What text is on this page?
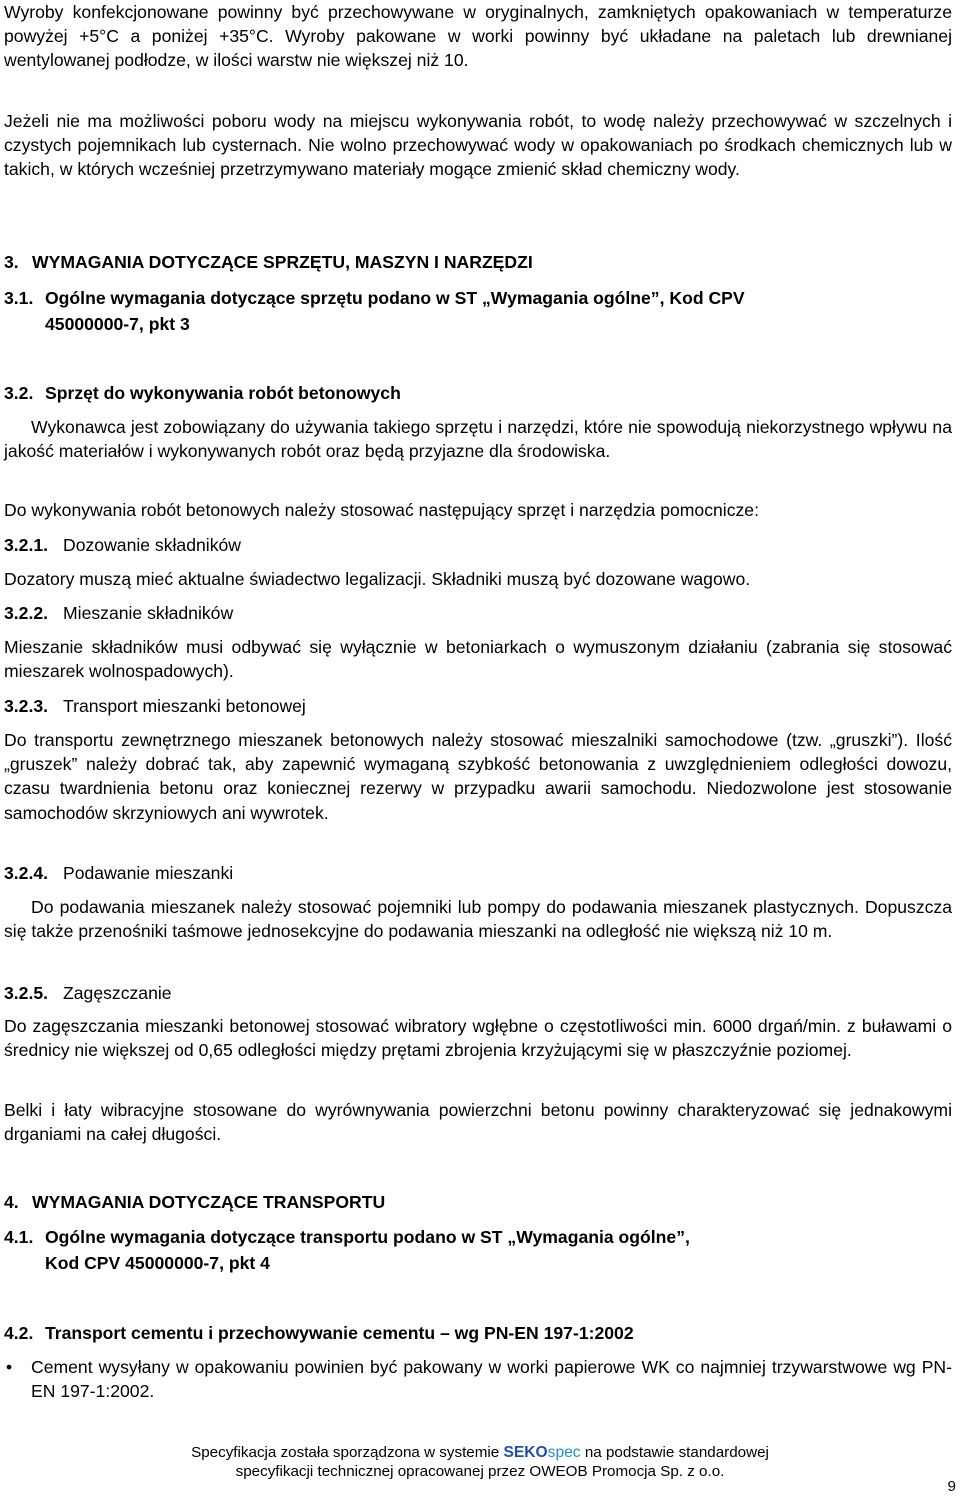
Wyroby konfekcjonowane powinny być przechowywane w oryginalnych, zamkniętych opakowaniach w temperaturze powyżej +5°C a poniżej +35°C. Wyroby pakowane w worki powinny być układane na paletach lub drewnianej wentylowanej podłodze, w ilości warstw nie większej niż 10.

Jeżeli nie ma możliwości poboru wody na miejscu wykonywania robót, to wodę należy przechowywać w szczelnych i czystych pojemnikach lub cysternach. Nie wolno przechowywać wody w opakowaniach po środkach chemicznych lub w takich, w których wcześniej przetrzymywano materiały mogące zmienić skład chemiczny wody.

3. WYMAGANIA DOTYCZĄCE SPRZĘTU, MASZYN I NARZĘDZI
3.1. Ogólne wymagania dotyczące sprzętu podano w ST „Wymagania ogólne”, Kod CPV
45000000-7, pkt 3
3.2. Sprzęt do wykonywania robót betonowych

Wykonawca jest zobowiązany do używania takiego sprzętu i narzędzi, które nie spowodują niekorzystnego wpływu na jakość materiałów i wykonywanych robót oraz będą przyjazne dla środowiska.

Do wykonywania robót betonowych należy stosować następujący sprzęt i narzędzia pomocnicze:

3.2.1. Dozowanie składników

Dozatory muszą mieć aktualne świadectwo legalizacji. Składniki muszą być dozowane wagowo.

3.2.2. Mieszanie składników

Mieszanie składników musi odbywać się wyłącznie w betoniarkach o wymuszonym działaniu (zabrania się stosować mieszarek wolnospadowych).

3.2.3. Transport mieszanki betonowej

Do transportu zewnętrznego mieszanek betonowych należy stosować mieszalniki samochodowe (tzw. „gruszki”). Ilość „gruszek” należy dobrać tak, aby zapewnić wymaganą szybkość betonowania z uwzględnieniem odległości dowozu, czasu twardnienia betonu oraz koniecznej rezerwy w przypadku awarii samochodu. Niedozwolone jest stosowanie samochodów skrzyniowych ani wywrotek.

3.2.4. Podawanie mieszanki

Do podawania mieszanek należy stosować pojemniki lub pompy do podawania mieszanek plastycznych. Dopuszcza się także przenośniki taśmowe jednosekcyjne do podawania mieszanki na odległość nie większą niż 10 m.

3.2.5. Zagęszczanie

Do zagęszczania mieszanki betonowej stosować wibratory wgłębne o częstotliwości min. 6000 drgań/min. z buławami o średnicy nie większej od 0,65 odległości między prętami zbrojenia krzyżującymi się w płaszczyźnie poziomej.

Belki i łaty wibracyjne stosowane do wyrównywania powierzchni betonu powinny charakteryzować się jednakowymi drganiami na całej długości.

4. WYMAGANIA DOTYCZĄCE TRANSPORTU
4.1. Ogólne wymagania dotyczące transportu podano w ST „Wymagania ogólne”,
Kod CPV 45000000-7, pkt 4
4.2. Transport cementu i przechowywanie cementu – wg PN-EN 197-1:2002
• Cement wysyłany w opakowaniu powinien być pakowany w worki papierowe WK co najmniej trzywarstwowe wg PN-EN 197-1:2002.

Specyfikacja została sporządzona w systemie SEKOspec na podstawie standardowej
specyfikacji technicznej opracowanej przez OWEOB Promocja Sp. z o.o.
9
